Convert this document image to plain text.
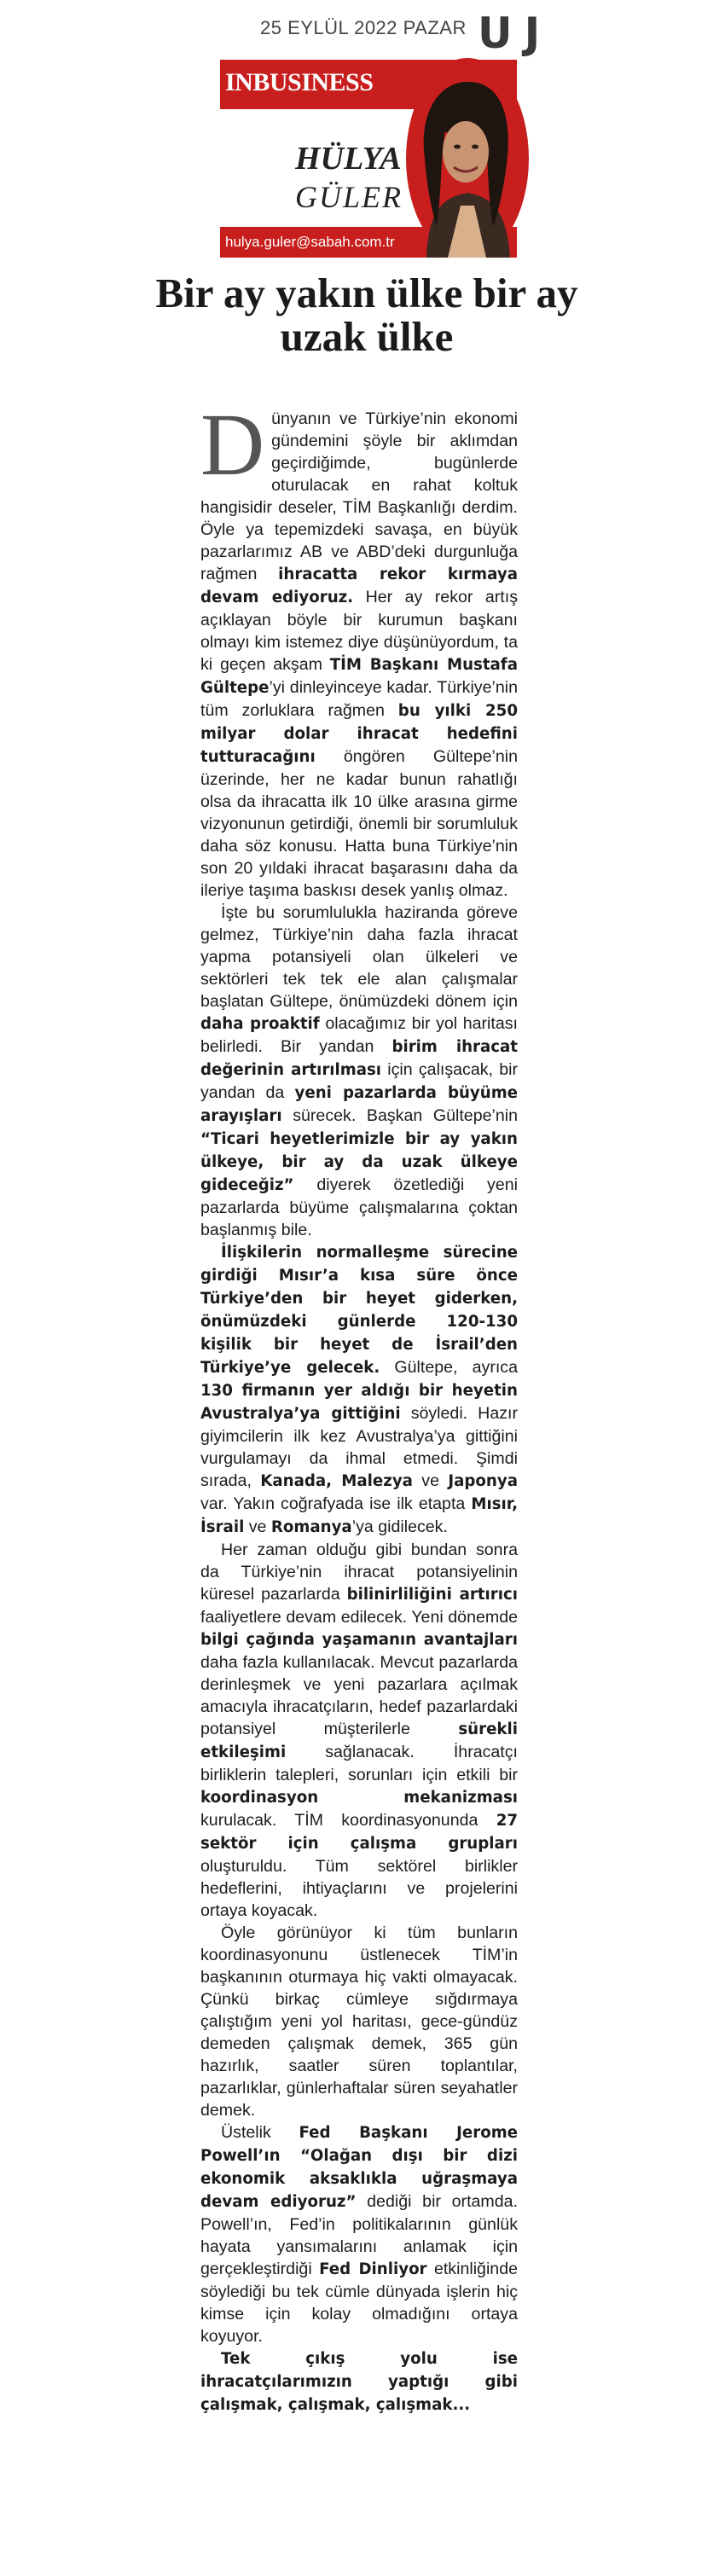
25 EYLÜL 2022 PAZAR UJ
INBUSINESS
HÜLYA
GÜLER
hulya.guler@sabah.com.tr
Bir ay yakın ülke bir ay uzak ülke

Dünyanın ve Türkiye’nin ekonomi gündemini şöyle bir aklımdan geçirdiğimde, bugünlerde oturulacak en rahat koltuk hangisidir deseler, TİM Başkanlığı derdim. Öyle ya tepemizdeki savaşa, en büyük pazarlarımız AB ve ABD’deki durgunluğa rağmen ihracatta rekor kırmaya devam ediyoruz. Her ay rekor artış açıklayan böyle bir kurumun başkanı olmayı kim istemez diye düşünüyordum, ta ki geçen akşam TİM Başkanı Mustafa Gültepe’yi dinleyinceye kadar. Türkiye’nin tüm zorluklara rağmen bu yılki 250 milyar dolar ihracat hedefini tutturacağını öngören Gültepe’nin üzerinde, her ne kadar bunun rahatlığı olsa da ihracatta ilk 10 ülke arasına girme vizyonunun getirdiği, önemli bir sorumluluk daha söz konusu. Hatta buna Türkiye’nin son 20 yıldaki ihracat başarasını daha da ileriye taşıma baskısı desek yanlış olmaz.

İşte bu sorumlulukla haziranda göreve gelmez, Türkiye’nin daha fazla ihracat yapma potansiyeli olan ülkeleri ve sektörleri tek tek ele alan çalışmalar başlatan Gültepe, önümüzdeki dönem için daha proaktif olacağımız bir yol haritası belirledi. Bir yandan birim ihracat değerinin artırılması için çalışacak, bir yandan da yeni pazarlarda büyüme arayışları sürecek. Başkan Gültepe’nin “Ticari heyetlerimizle bir ay yakın ülkeye, bir ay da uzak ülkeye gideceğiz” diyerek özetlediği yeni pazarlarda büyüme çalışmalarına çoktan başlanmış bile.

İlişkilerin normalleşme sürecine girdiği Mısır’a kısa süre önce Türkiye’den bir heyet giderken, önümüzdeki günlerde 120-130 kişilik bir heyet de İsrail’den Türkiye’ye gelecek. Gültepe, ayrıca 130 firmanın yer aldığı bir heyetin Avustralya’ya gittiğini söyledi. Hazır giyimcilerin ilk kez Avustralya’ya gittiğini vurgulamayı da ihmal etmedi. Şimdi sırada, Kanada, Malezya ve Japonya var. Yakın coğrafyada ise ilk etapta Mısır, İsrail ve Romanya’ya gidilecek.

Her zaman olduğu gibi bundan sonra da Türkiye’nin ihracat potansiyelinin küresel pazarlarda bilinirliliğini artırıcı faaliyetlere devam edilecek. Yeni dönemde bilgi çağında yaşamanın avantajları daha fazla kullanılacak. Mevcut pazarlarda derinleşmek ve yeni pazarlara açılmak amacıyla ihracatçıların, hedef pazarlardaki potansiyel müşterilerle sürekli etkileşimi sağlanacak. İhracatçı birliklerin talepleri, sorunları için etkili bir koordinasyon mekanizması kurulacak. TİM koordinasyonunda 27 sektör için çalışma grupları oluşturuldu. Tüm sektörel birlikler hedeflerini, ihtiyaçlarını ve projelerini ortaya koyacak.

Öyle görünüyor ki tüm bunların koordinasyonunu üstlenecek TİM’in başkanının oturmaya hiç vakti olmayacak. Çünkü birkaç cümleye sığdırmaya çalıştığım yeni yol haritası, gece-gündüz demeden çalışmak demek, 365 gün hazırlık, saatler süren toplantılar, pazarlıklar, günlerhaftalar süren seyahatler demek.

Üstelik Fed Başkanı Jerome Powell’ın “Olağan dışı bir dizi ekonomik aksaklıkla uğraşmaya devam ediyoruz” dediği bir ortamda. Powell’ın, Fed’in politikalarının günlük hayata yansımalarını anlamak için gerçekleştirdiği Fed Dinliyor etkinliğinde söylediği bu tek cümle dünyada işlerin hiç kimse için kolay olmadığını ortaya koyuyor.

Tek çıkış yolu ise ihracatçılarımızın yaptığı gibi çalışmak, çalışmak, çalışmak...
